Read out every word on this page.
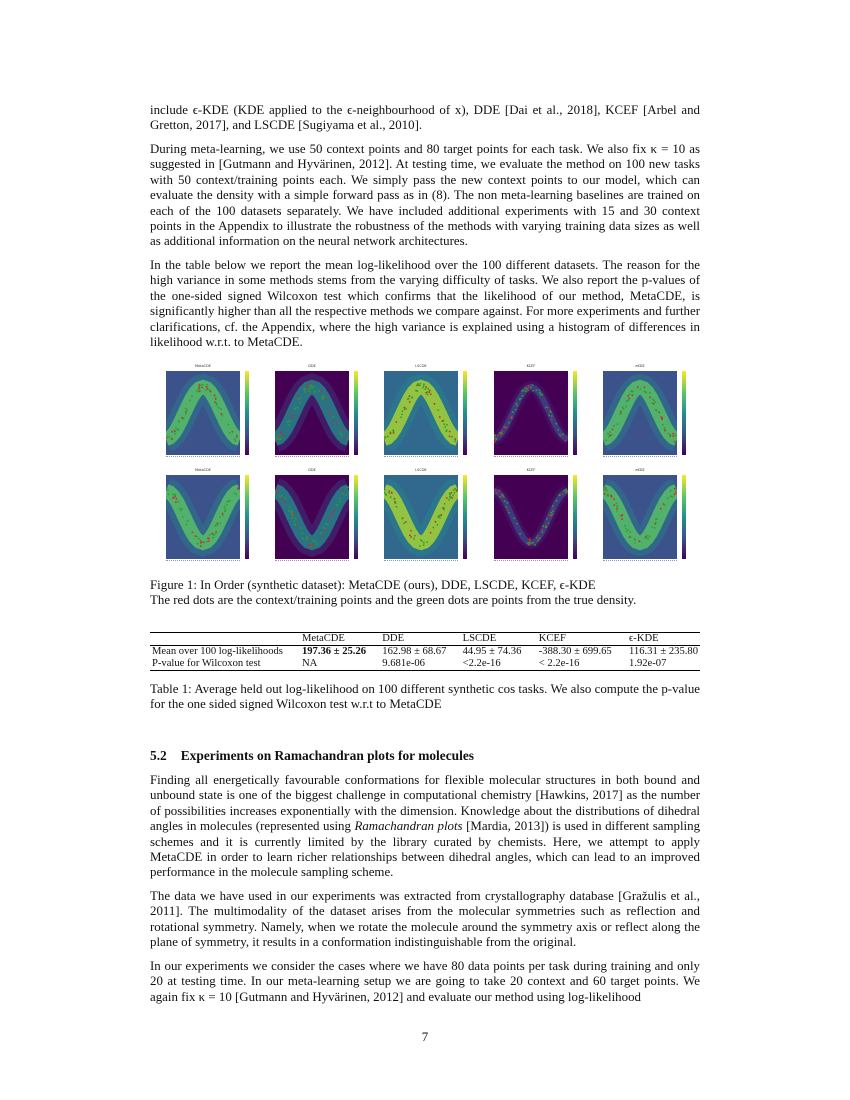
include ϵ-KDE (KDE applied to the ϵ-neighbourhood of x), DDE [Dai et al., 2018], KCEF [Arbel and Gretton, 2017], and LSCDE [Sugiyama et al., 2010].

During meta-learning, we use 50 context points and 80 target points for each task. We also fix κ = 10 as suggested in [Gutmann and Hyvärinen, 2012]. At testing time, we evaluate the method on 100 new tasks with 50 context/training points each. We simply pass the new context points to our model, which can evaluate the density with a simple forward pass as in (8). The non meta-learning baselines are trained on each of the 100 datasets separately. We have included additional experiments with 15 and 30 context points in the Appendix to illustrate the robustness of the methods with varying training data sizes as well as additional information on the neural network architectures.

In the table below we report the mean log-likelihood over the 100 different datasets. The reason for the high variance in some methods stems from the varying difficulty of tasks. We also report the p-values of the one-sided signed Wilcoxon test which confirms that the likelihood of our method, MetaCDE, is significantly higher than all the respective methods we compare against. For more experiments and further clarifications, cf. the Appendix, where the high variance is explained using a histogram of differences in likelihood w.r.t. to MetaCDE.

MetaCDE	DDE	LSCDE	KCEF	eKDE
MetaCDE	DDE	LSCDE	KCEF	eKDE
Figure 1: In Order (synthetic dataset): MetaCDE (ours), DDE, LSCDE, KCEF, ϵ-KDE
The red dots are the context/training points and the green dots are points from the true density.
	MetaCDE	DDE	LSCDE	KCEF	ϵ-KDE
Mean over 100 log-likelihoods	197.36 ± 25.26	162.98 ± 68.67	44.95 ± 74.36	-388.30 ± 699.65	116.31 ± 235.80
P-value for Wilcoxon test	NA	9.681e-06	<2.2e-16	< 2.2e-16	1.92e-07

Table 1: Average held out log-likelihood on 100 different synthetic cos tasks. We also compute the p-value for the one sided signed Wilcoxon test w.r.t to MetaCDE

5.2 Experiments on Ramachandran plots for molecules

Finding all energetically favourable conformations for flexible molecular structures in both bound and unbound state is one of the biggest challenge in computational chemistry [Hawkins, 2017] as the number of possibilities increases exponentially with the dimension. Knowledge about the distributions of dihedral angles in molecules (represented using Ramachandran plots [Mardia, 2013]) is used in different sampling schemes and it is currently limited by the library curated by chemists. Here, we attempt to apply MetaCDE in order to learn richer relationships between dihedral angles, which can lead to an improved performance in the molecule sampling scheme.

The data we have used in our experiments was extracted from crystallography database [Gražulis et al., 2011]. The multimodality of the dataset arises from the molecular symmetries such as reflection and rotational symmetry. Namely, when we rotate the molecule around the symmetry axis or reflect along the plane of symmetry, it results in a conformation indistinguishable from the original.

In our experiments we consider the cases where we have 80 data points per task during training and only 20 at testing time. In our meta-learning setup we are going to take 20 context and 60 target points. We again fix κ = 10 [Gutmann and Hyvärinen, 2012] and evaluate our method using log-likelihood

7
